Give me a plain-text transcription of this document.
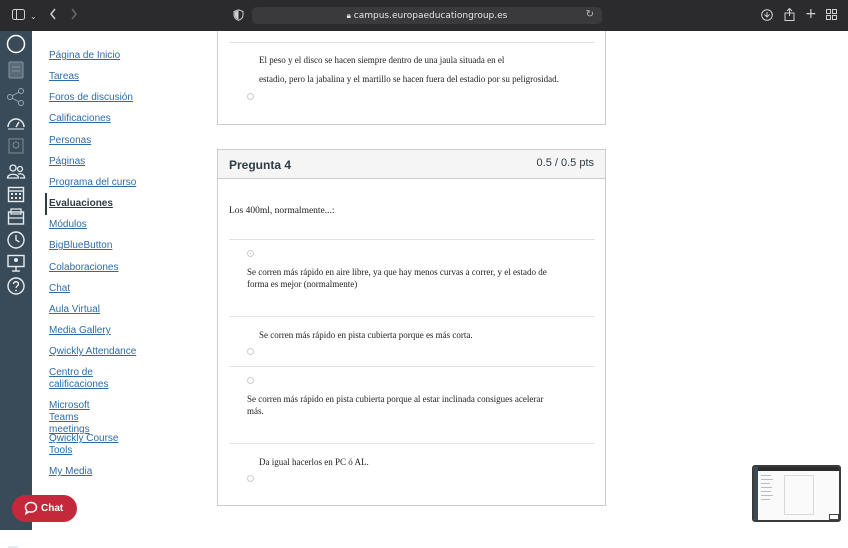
⌄	🔒︎ campus.europaeducationgroup.es	↻	+
Página de Inicio
Tareas
Foros de discusión
Calificaciones
Personas
Páginas
Programa del curso
Evaluaciones
Módulos
BigBlueButton
Colaboraciones
Chat
Aula Virtual
Media Gallery
Qwickly Attendance
Centro de calificaciones
Microsoft Teams meetings
Qwickly Course Tools
My Media
El peso y el disco se hacen siempre dentro de una jaula situada en el
estadio, pero la jabalina y el martillo se hacen fuera del estadio por su peligrosidad.
Pregunta 4	0.5 / 0.5 pts
Los 400ml, normalmente...:
Se corren más rápido en aire libre, ya que hay menos curvas a correr, y el estado de
forma es mejor (normalmente)
Se corren más rápido en pista cubierta porque es más corta.
Se corren más rápido en pista cubierta porque al estar inclinada consigues acelerar
más.
Da igual hacerlos en PC ó AL.
Chat
